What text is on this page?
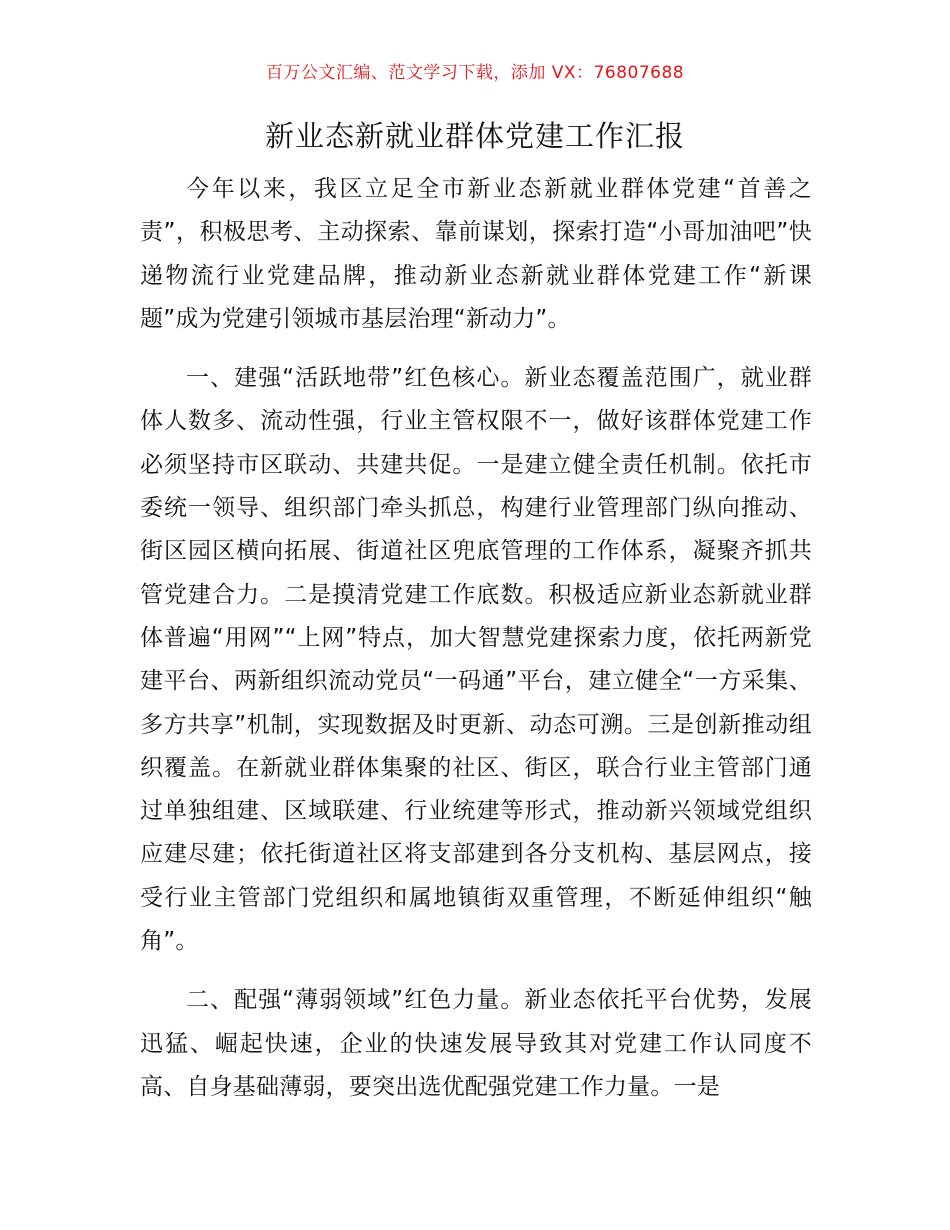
百万公文汇编、范文学习下载，添加 VX：76807688
新业态新就业群体党建工作汇报

今年以来，我区立足全市新业态新就业群体党建“首善之责”，积极思考、主动探索、靠前谋划，探索打造“小哥加油吧”快递物流行业党建品牌，推动新业态新就业群体党建工作“新课题”成为党建引领城市基层治理“新动力”。

一、建强“活跃地带”红色核心。新业态覆盖范围广，就业群体人数多、流动性强，行业主管权限不一，做好该群体党建工作必须坚持市区联动、共建共促。一是建立健全责任机制。依托市委统一领导、组织部门牵头抓总，构建行业管理部门纵向推动、街区园区横向拓展、街道社区兜底管理的工作体系，凝聚齐抓共管党建合力。二是摸清党建工作底数。积极适应新业态新就业群体普遍“用网”“上网”特点，加大智慧党建探索力度，依托两新党建平台、两新组织流动党员“一码通”平台，建立健全“一方采集、多方共享”机制，实现数据及时更新、动态可溯。三是创新推动组织覆盖。在新就业群体集聚的社区、街区，联合行业主管部门通过单独组建、区域联建、行业统建等形式，推动新兴领域党组织应建尽建；依托街道社区将支部建到各分支机构、基层网点，接受行业主管部门党组织和属地镇街双重管理，不断延伸组织“触角”。

二、配强“薄弱领域”红色力量。新业态依托平台优势，发展迅猛、崛起快速，企业的快速发展导致其对党建工作认同度不高、自身基础薄弱，要突出选优配强党建工作力量。一是
